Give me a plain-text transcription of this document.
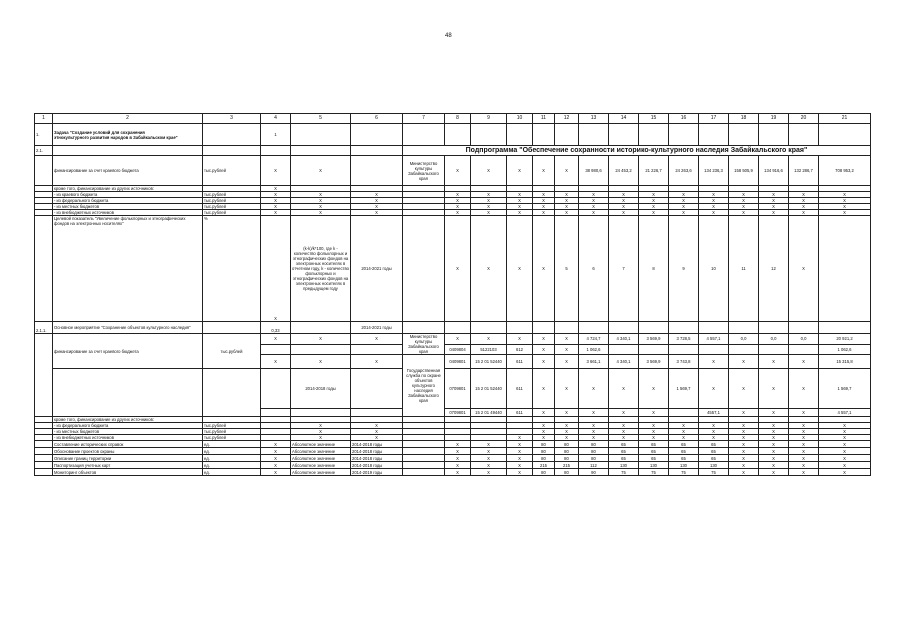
48
1	2	3	4	5	6	7	8	9	10	11	12	13	14	15	16	17	18	19	20	21
1.	Задача "Создание условий для сохранения
этнокультурного развития народов в Забайкальском крае"		1																	
2.1.						Подпрограмма "Обеспечение сохранности историко-культурного наследия Забайкальского края"														
	финансирование за счет краевого бюджета	тыс.рублей	Х	Х		Министерство культуры Забайкальского края	Х	Х	Х	Х	Х	38 980,6	24 453,2	21 226,7	24 263,6	134 236,3	158 505,9	134 916,6	132 286,7	708 953,2
	кроме того, финансирование из других источников:		Х																	
	- из краевого бюджета	тыс.рублей	Х	Х	Х		Х	Х	Х	Х	Х	Х	Х	Х	Х	Х	Х	Х	Х	Х
	- из федерального бюджета	тыс.рублей	Х	Х	Х		Х	Х	Х	Х	Х	Х	Х	Х	Х	Х	Х	Х	Х	Х
	- из местных бюджетов	тыс.рублей	Х	Х	Х		Х	Х	Х	Х	Х	Х	Х	Х	Х	Х	Х	Х	Х	Х
	- из внебюджетных источников	тыс.рублей	Х	Х	Х		Х	Х	Х	Х	Х	Х	Х	Х	Х	Х	Х	Х	Х	Х
	Целевой показатель "Увеличение фольклорных и этнографических фондов на электронных носителях"	%	Х	(k-k)/k*100, где k - количество фольклорных и этнографических фондов на электронных носителях в отчетном году, k - количество фольклорных и этнографических фондов на электронных носителях в предыдущем году	2014-2021 годы		Х	Х	Х	Х	5	6	7	8	9	10	11	12	Х	
2.1.1.	Основное мероприятие "Сохранение объектов культурного наследия"		0,33		2014-2021 годы															
	финансирование за счет краевого бюджета	тыс.рублей	Х	Х	Х	Министерство культуры Забайкальского края	Х	Х	Х	Х	Х	4 724,7	4 340,1	3 569,9	3 728,5	4 557,1	0,0	0,0	0,0	20 921,2
							0409804	5122103	612	Х	Х	1 062,6								1 062,6
			Х	Х	Х	Государственная служба по охране объектов культурного наследия Забайкальского края	0409801	15 2 01 52440	611	Х	Х	3 661,1	4 340,1	3 569,9	3 743,8	Х	Х	Х	Х	15 315,8
				2014-2018 годы			0709801	15 2 01 52440	611	Х	Х	Х	Х	Х	1 569,7	Х	Х	Х	Х	1 569,7
							0709801	15 2 01 49440	611	Х	Х	Х	Х	Х		4557,1	Х	Х	Х	4 557,1
	кроме того, финансирование из других источников:																			
	- из федерального бюджета	тыс.рублей		Х	Х					Х	Х	Х	Х	Х	Х	Х	Х	Х	Х	Х
	- из местных бюджетов	тыс.рублей		Х	Х					Х	Х	Х	Х	Х	Х	Х	Х	Х	Х	Х
	- из внебюджетных источников	тыс.рублей		Х	Х				Х	Х	Х	Х	Х	Х	Х	Х	Х	Х	Х	Х
	Составление исторических справок	ед.	Х	Абсолютное значение	2014-2018 годы		Х	Х	Х	80	80	80	65	65	65	65	Х	Х	Х	Х
	Обоснование проектов охраны	ед.	Х	Абсолютное значение	2014-2018 годы		Х	Х	Х	80	80	80	65	65	65	65	Х	Х	Х	Х
	Описание границ территории	ед.	Х	Абсолютное значение	2014-2018 годы		Х	Х	Х	80	80	80	65	65	65	65	Х	Х	Х	Х
	Паспортизация учетных карт	ед.	Х	Абсолютное значение	2014-2018 годы		Х	Х	Х	215	215	112	130	130	130	130	Х	Х	Х	Х
	Мониторинг объектов	ед.	Х	Абсолютное значение	2014-2019 годы		Х	Х	Х	80	80	90	75	75	75	75	Х	Х	Х	Х
